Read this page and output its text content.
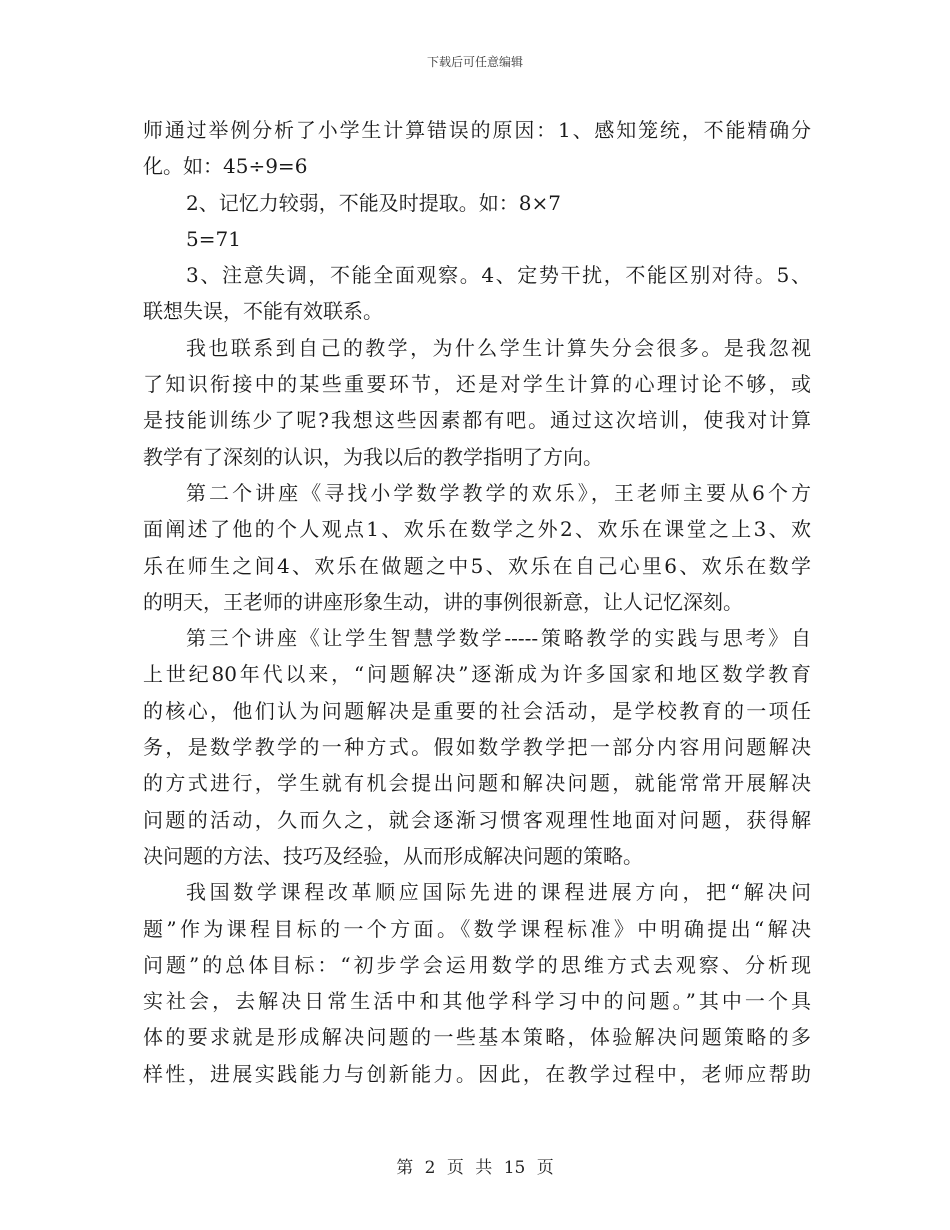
下载后可任意编辑
师通过举例分析了小学生计算错误的原因：1、感知笼统，不能精确分
化。如：45÷9=6
2、记忆力较弱，不能及时提取。如：8×7
5=71
3、注意失调，不能全面观察。4、定势干扰，不能区别对待。5、
联想失误，不能有效联系。
我也联系到自己的教学，为什么学生计算失分会很多。是我忽视
了知识衔接中的某些重要环节，还是对学生计算的心理讨论不够，或
是技能训练少了呢?我想这些因素都有吧。通过这次培训，使我对计算
教学有了深刻的认识，为我以后的教学指明了方向。
第二个讲座《寻找小学数学教学的欢乐》，王老师主要从6个方
面阐述了他的个人观点1、欢乐在数学之外2、欢乐在课堂之上3、欢
乐在师生之间4、欢乐在做题之中5、欢乐在自己心里6、欢乐在数学
的明天，王老师的讲座形象生动，讲的事例很新意，让人记忆深刻。
第三个讲座《让学生智慧学数学-----策略教学的实践与思考》自
上世纪80年代以来，“问题解决”逐渐成为许多国家和地区数学教育
的核心，他们认为问题解决是重要的社会活动，是学校教育的一项任
务，是数学教学的一种方式。假如数学教学把一部分内容用问题解决
的方式进行，学生就有机会提出问题和解决问题，就能常常开展解决
问题的活动，久而久之，就会逐渐习惯客观理性地面对问题，获得解
决问题的方法、技巧及经验，从而形成解决问题的策略。
我国数学课程改革顺应国际先进的课程进展方向，把“解决问
题”作为课程目标的一个方面。《数学课程标准》中明确提出“解决
问题”的总体目标：“初步学会运用数学的思维方式去观察、分析现
实社会，去解决日常生活中和其他学科学习中的问题。”其中一个具
体的要求就是形成解决问题的一些基本策略，体验解决问题策略的多
样性，进展实践能力与创新能力。因此，在教学过程中，老师应帮助
第 2 页 共 15 页
